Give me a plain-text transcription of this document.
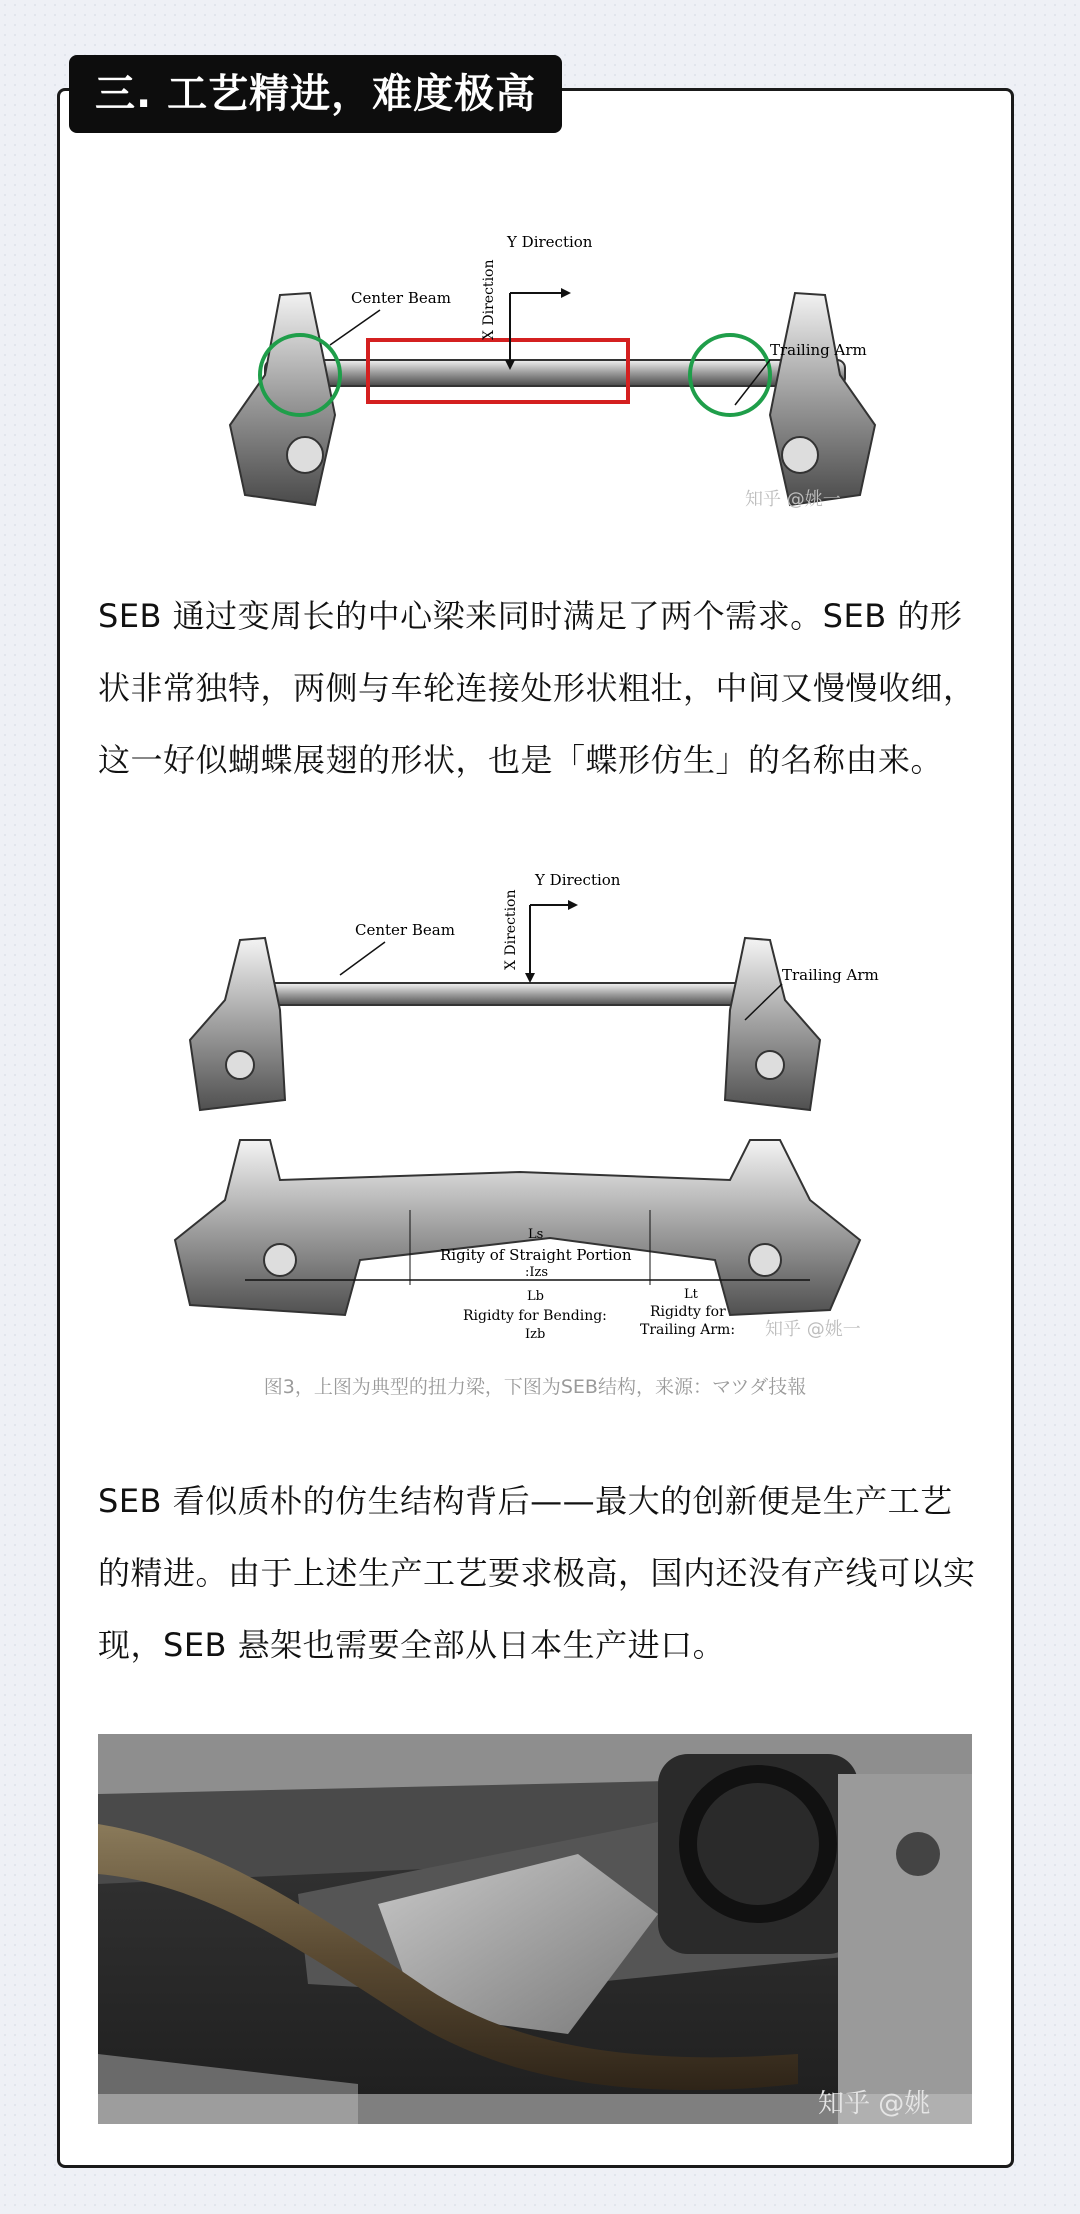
三. 工艺精进，难度极高
Center Beam X Direction
Y Direction
Trailing Arm
知乎 @姚一

SEB 通过变周长的中心梁来同时满足了两个需求。SEB 的形状非常独特，两侧与车轮连接处形状粗壮，中间又慢慢收细，这一好似蝴蝶展翅的形状，也是「蝶形仿生」的名称由来。

Center Beam	X Direction
Y Direction
Trailing Arm
Ls
Rigity of Straight Portion
:Izs
Lb
Rigidty for Bending:
Izb
Lt
Rigidty for
Trailing Arm: 知乎 @姚一
图3，上图为典型的扭力梁，下图为SEB结构，来源：マツダ技報

SEB 看似质朴的仿生结构背后——最大的创新便是生产工艺的精进。由于上述生产工艺要求极高，国内还没有产线可以实现，SEB 悬架也需要全部从日本生产进口。

知乎 @姚
